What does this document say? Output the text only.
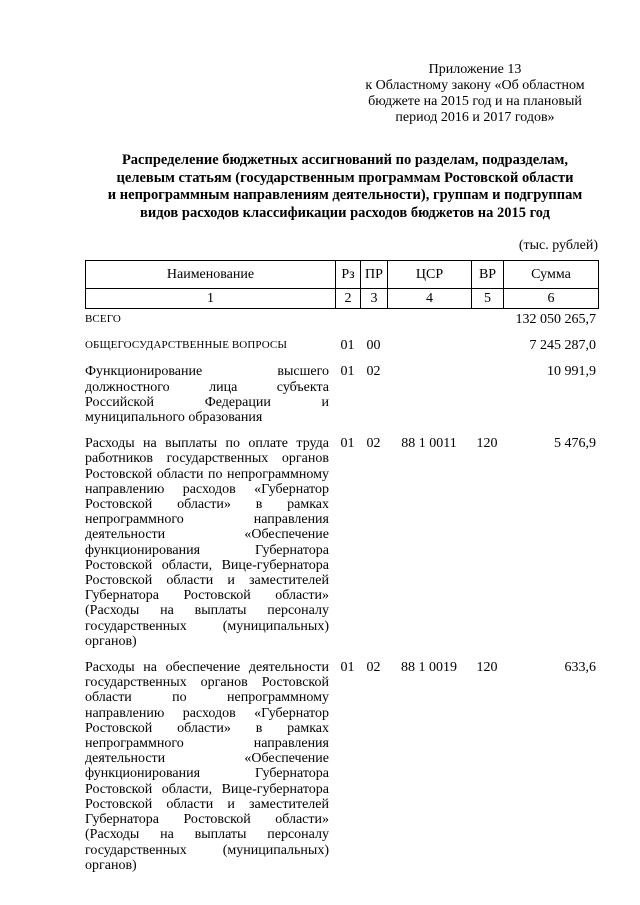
Приложение 13
к Областному закону «Об областном
бюджете на 2015 год и на плановый
период 2016 и 2017 годов»
Распределение бюджетных ассигнований по разделам, подразделам,
целевым статьям (государственным программам Ростовской области
и непрограммным направлениям деятельности), группам и подгруппам
видов расходов классификации расходов бюджетов на 2015 год
(тыс. рублей)
Наименование	Рз	ПР	ЦСР	ВР	Сумма
1	2	3	4	5	6
ВСЕГО					132 050 265,7
ОБЩЕГОСУДАРСТВЕННЫЕ ВОПРОСЫ	01	00			7 245 287,0
Функционирование высшего должностного лица субъекта Российской Федерации и муниципального образования	01	02			10 991,9
Расходы на выплаты по оплате труда работников государственных органов Ростовской области по непрограммному направлению расходов «Губернатор Ростовской области» в рамках непрограммного направления деятельности «Обеспечение функционирования Губернатора Ростовской области, Вице-губернатора Ростовской области и заместителей Губернатора Ростовской области» (Расходы на выплаты персоналу государственных (муниципальных) органов)	01	02	88 1 0011	120	5 476,9
Расходы на обеспечение деятельности государственных органов Ростовской области по непрограммному направлению расходов «Губернатор Ростовской области» в рамках непрограммного направления деятельности «Обеспечение функционирования Губернатора Ростовской области, Вице-губернатора Ростовской области и заместителей Губернатора Ростовской области» (Расходы на выплаты персоналу государственных (муниципальных) органов)	01	02	88 1 0019	120	633,6
